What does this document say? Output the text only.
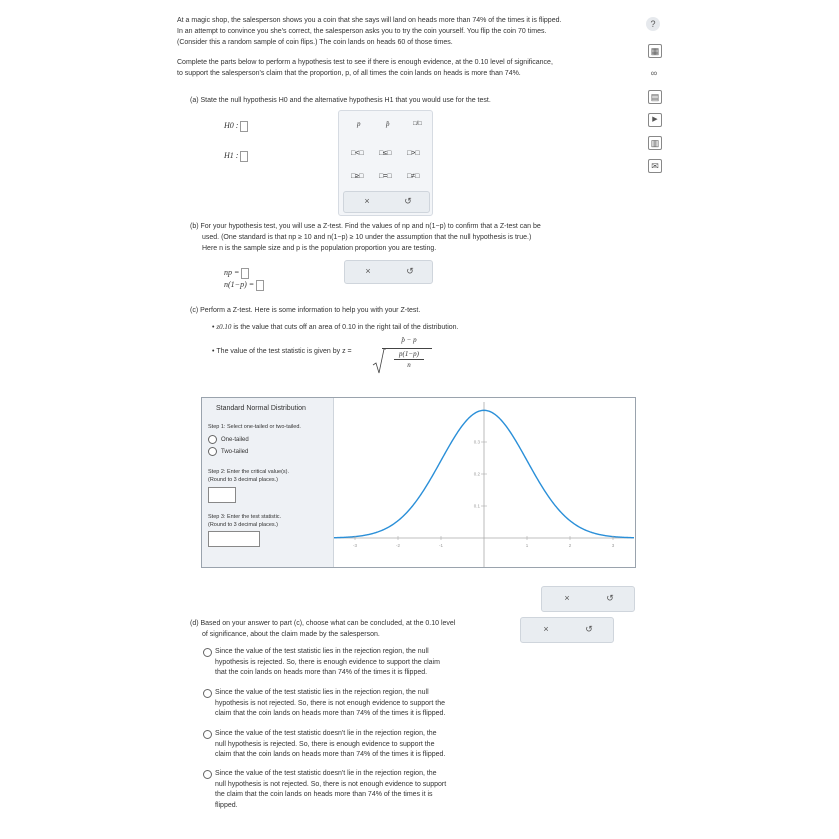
At a magic shop, the salesperson shows you a coin that she says will land on heads more than 74% of the times it is flipped.
In an attempt to convince you she's correct, the salesperson asks you to try the coin yourself. You flip the coin 70 times.
(Consider this a random sample of coin flips.) The coin lands on heads 60 of those times.
Complete the parts below to perform a hypothesis test to see if there is enough evidence, at the 0.10 level of significance,
to support the salesperson's claim that the proportion, p, of all times the coin lands on heads is more than 74%.
(a) State the null hypothesis H0 and the alternative hypothesis H1 that you would use for the test.
H0 :
H1 :
p	p̂	□/□
□<□ □≤□ □>□
□≥□ □=□ □≠□
×	↺
(b) For your hypothesis test, you will use a Z-test. Find the values of np and n(1−p) to confirm that a Z-test can be
used. (One standard is that np ≥ 10 and n(1−p) ≥ 10 under the assumption that the null hypothesis is true.)
Here n is the sample size and p is the population proportion you are testing.
np =
n(1−p) =
×	↺
(c) Perform a Z-test. Here is some information to help you with your Z-test.
• z0.10 is the value that cuts off an area of 0.10 in the right tail of the distribution.
• The value of the test statistic is given by z =
p̂ − p
p(1−p)
n
Standard Normal Distribution
Step 1: Select one-tailed or two-tailed.
One-tailed
Two-tailed
Step 2: Enter the critical value(s).
(Round to 3 decimal places.)
Step 3: Enter the test statistic.
(Round to 3 decimal places.)
0.3
0.2
0.1
-3	-2	-1	1	2	3
×	↺
(d) Based on your answer to part (c), choose what can be concluded, at the 0.10 level
of significance, about the claim made by the salesperson.
×	↺
Since the value of the test statistic lies in the rejection region, the null
hypothesis is rejected. So, there is enough evidence to support the claim
that the coin lands on heads more than 74% of the times it is flipped.
Since the value of the test statistic lies in the rejection region, the null
hypothesis is not rejected. So, there is not enough evidence to support the
claim that the coin lands on heads more than 74% of the times it is flipped.
Since the value of the test statistic doesn't lie in the rejection region, the
null hypothesis is rejected. So, there is enough evidence to support the
claim that the coin lands on heads more than 74% of the times it is flipped.
Since the value of the test statistic doesn't lie in the rejection region, the
null hypothesis is not rejected. So, there is not enough evidence to support
the claim that the coin lands on heads more than 74% of the times it is
flipped.
?
▦
∞
▤
▶
▥
✉
